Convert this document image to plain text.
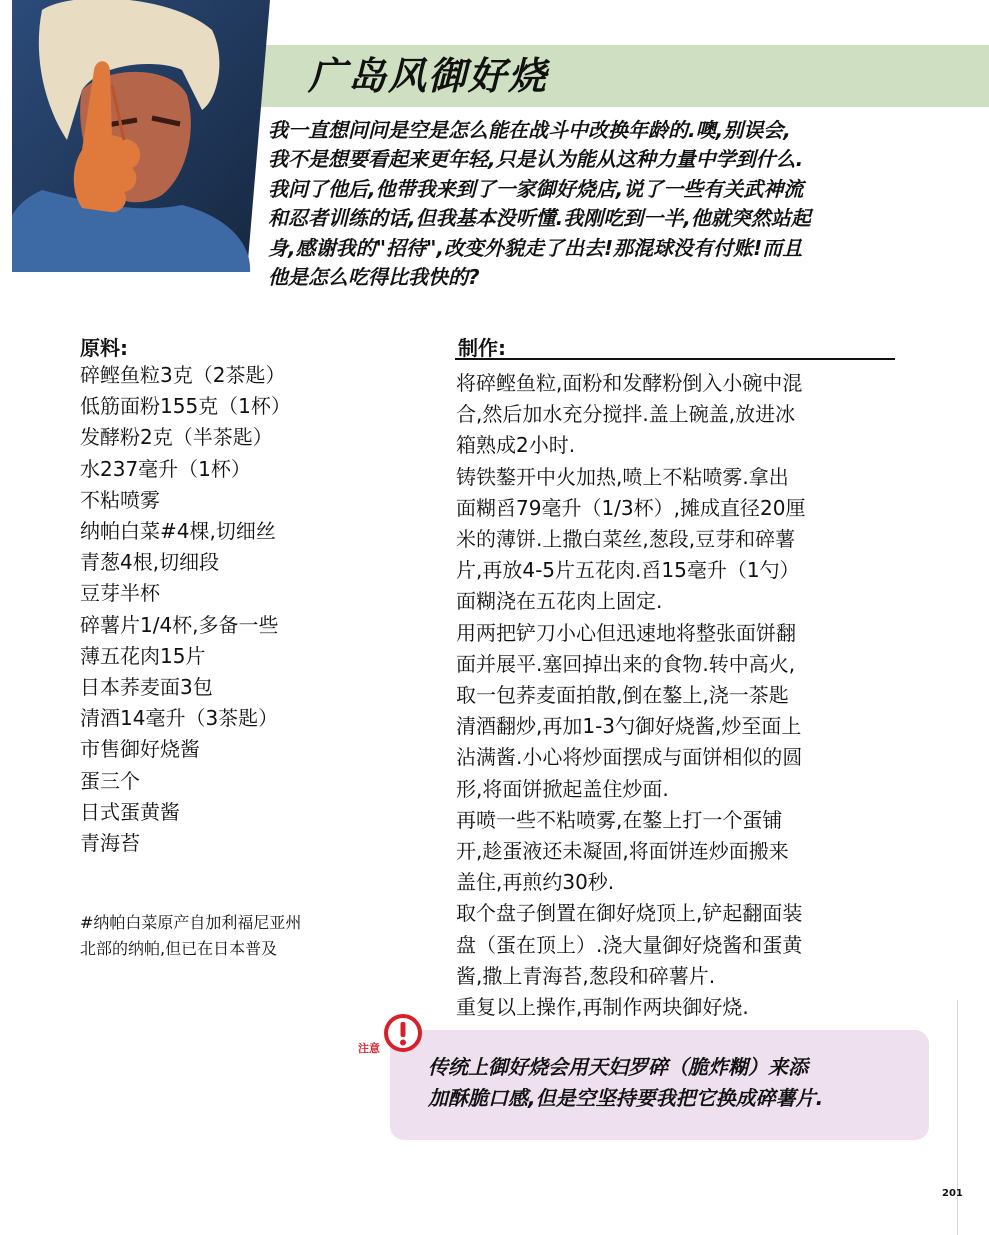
广岛风御好烧
我一直想问问是空是怎么能在战斗中改换年龄的.噢,别误会,
我不是想要看起来更年轻,只是认为能从这种力量中学到什么.
我问了他后,他带我来到了一家御好烧店,说了一些有关武神流
和忍者训练的话,但我基本没听懂.我刚吃到一半,他就突然站起
身,感谢我的"招待",改变外貌走了出去!那混球没有付账!而且
他是怎么吃得比我快的?
原料:
碎鲣鱼粒3克（2茶匙）
低筋面粉155克（1杯）
发酵粉2克（半茶匙）
水237毫升（1杯）
不粘喷雾
纳帕白菜#4棵,切细丝
青葱4根,切细段
豆芽半杯
碎薯片1/4杯,多备一些
薄五花肉15片
日本荞麦面3包
清酒14毫升（3茶匙）
市售御好烧酱
蛋三个
日式蛋黄酱
青海苔
#纳帕白菜原产自加利福尼亚州
北部的纳帕,但已在日本普及
制作:
将碎鲣鱼粒,面粉和发酵粉倒入小碗中混
合,然后加水充分搅拌.盖上碗盖,放进冰
箱熟成2小时.
铸铁鏊开中火加热,喷上不粘喷雾.拿出
面糊舀79毫升（1/3杯）,摊成直径20厘
米的薄饼.上撒白菜丝,葱段,豆芽和碎薯
片,再放4-5片五花肉.舀15毫升（1勺）
面糊浇在五花肉上固定.
用两把铲刀小心但迅速地将整张面饼翻
面并展平.塞回掉出来的食物.转中高火,
取一包荞麦面拍散,倒在鏊上,浇一茶匙
清酒翻炒,再加1-3勺御好烧酱,炒至面上
沾满酱.小心将炒面摆成与面饼相似的圆
形,将面饼掀起盖住炒面.
再喷一些不粘喷雾,在鏊上打一个蛋铺
开,趁蛋液还未凝固,将面饼连炒面搬来
盖住,再煎约30秒.
取个盘子倒置在御好烧顶上,铲起翻面装
盘（蛋在顶上）.浇大量御好烧酱和蛋黄
酱,撒上青海苔,葱段和碎薯片.
重复以上操作,再制作两块御好烧.
注意
传统上御好烧会用天妇罗碎（脆炸糊）来添
加酥脆口感,但是空坚持要我把它换成碎薯片.
201
